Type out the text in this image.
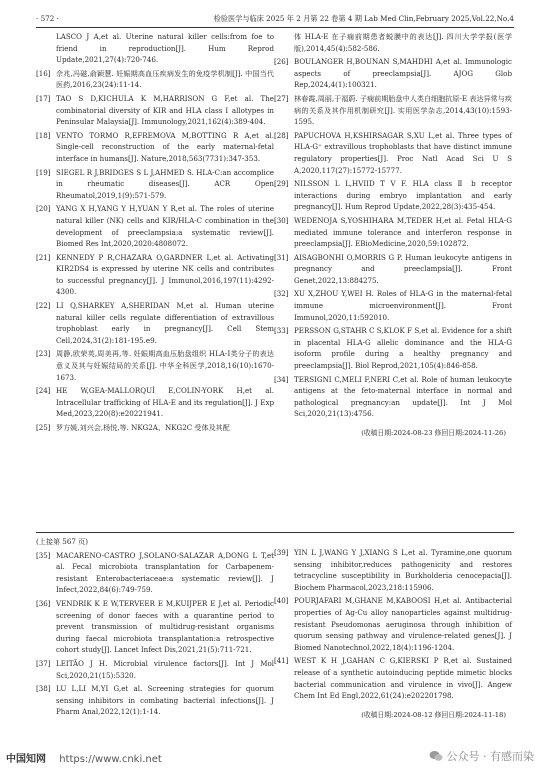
· 572 ·	检验医学与临床 2025 年 2 月第 22 卷第 4 期 Lab Med Clin,February 2025,Vol.22,No.4

LASCO J A,et al. Uterine natural killer cells:from foe to friend in reproduction[J]. Hum Reprod Update,2021,27(4):720-746.

[16] 佘兆,冯磁,俞颖慧. 妊娠期高血压疾病发生的免疫学机制[J]. 中国当代医药,2016,23(24):11-14.

[17] TAO S D,KICHULA K M,HARRISON G F,et al. The combinatorial diversity of KIR and HLA class Ⅰ allotypes in Peninsular Malaysia[J]. Immunology,2021,162(4):389-404.

[18] VENTO TORMO R,EFREMOVA M,BOTTING R A,et al. Single-cell reconstruction of the early maternal-fetal interface in humans[J]. Nature,2018,563(7731):347-353.

[19] SIEGEL R J,BRIDGES S L J,AHMED S. HLA-C:an accomplice in rheumatic diseases[J]. ACR Open Rheumatol,2019,1(9):571-579.

[20] YANG X H,YANG Y H,YUAN Y R,et al. The roles of uterine natural killer (NK) cells and KIR/HLA-C combination in the development of preeclampsia:a systematic review[J]. Biomed Res Int,2020,2020:4808072.

[21] KENNEDY P R,CHAZARA O,GARDNER L,et al. Activating KIR2DS4 is expressed by uterine NK cells and contributes to successful pregnancy[J]. J Immunol,2016,197(11):4292-4300.

[22] LI Q,SHARKEY A,SHERIDAN M,et al. Human uterine natural killer cells regulate differentiation of extravillous trophoblast early in pregnancy[J]. Cell Stem Cell,2024,31(2):181-195.e9.

[23] 周静,欧荣英,周美再,等. 妊娠期高血压胎盘组织 HLA-Ⅰ类分子的表达意义及其与妊娠结局的关系[J]. 中华全科医学,2018,16(10):1670-1673.

[24] HE W,GEA-MALLORQUÍ E,COLIN-YORK H,et al. Intracellular trafficking of HLA-E and its regulation[J]. J Exp Med,2023,220(8):e20221941.

[25] 罗方媛,刘兴会,杨悦,等. NKG2A、NKG2C 受体及其配

体 HLA-E 在子痫前期患者蜕膜中的表达[J]. 四川大学学报(医学版),2014,45(4):582-586.

[26] BOULANGER H,BOUNAN S,MAHDHI A,et al. Immunologic aspects of preeclampsia[J]. AJOG Glob Rep,2024,4(1):100321.

[27] 林春霞,周丽,于福蔚. 子痫前期胎盘中人类白细胞抗原-E 表达异常与疾病的关系及其作用机制研究[J]. 实用医学杂志,2014,43(10):1593-1595.

[28] PAPUCHOVA H,KSHIRSAGAR S,XU L,et al. Three types of HLA-G⁺ extravillous trophoblasts that have distinct immune regulatory properties[J]. Proc Natl Acad Sci U S A,2020,117(27):15772-15777.

[29] NILSSON L L,HVIID T V F. HLA class Ⅱ b receptor interactions during embryo implantation and early pregnancy[J]. Hum Reprod Update,2022,28(3):435-454.

[30] WEDENOJA S,YOSHIHARA M,TEDER H,et al. Fetal HLA-G mediated immune tolerance and interferon response in preeclampsia[J]. EBioMedicine,2020,59:102872.

[31] AISAGBONHI O,MORRIS G P. Human leukocyte antigens in pregnancy and preeclampsia[J]. Front Genet,2022,13:884275.

[32] XU X,ZHOU Y,WEI H. Roles of HLA-G in the maternal-fetal immune microenvironment[J]. Front Immunol,2020,11:592010.

[33] PERSSON G,STAHR C S,KLOK F S,et al. Evidence for a shift in placental HLA-G allelic dominance and the HLA-G isoform profile during a healthy pregnancy and preeclampsia[J]. Biol Reprod,2021,105(4):846-858.

[34] TERSIGNI C,MELI F,NERI C,et al. Role of human leukocyte antigens at the feto-maternal interface in normal and pathological pregnancy:an update[J]. Int J Mol Sci,2020,21(13):4756.

(收稿日期:2024-08-23 修回日期:2024-11-26)
(上接第 567 页)

[35] MACARENO-CASTRO J,SOLANO-SALAZAR A,DONG L T,et al. Fecal microbiota transplantation for Carbapenem-resistant Enterobacteriaceae:a systematic review[J]. J Infect,2022,84(6):749-759.

[36] VENDRIK K E W,TERVEER E M,KUIJPER E J,et al. Periodic screening of donor faeces with a quarantine period to prevent transmission of multidrug-resistant organisms during faecal microbiota transplantation:a retrospective cohort study[J]. Lancet Infect Dis,2021,21(5):711-721.

[37] LEITÃO J H. Microbial virulence factors[J]. Int J Mol Sci,2020,21(15):5320.

[38] LU L,LI M,YI G,et al. Screening strategies for quorum sensing inhibitors in combating bacterial infections[J]. J Pharm Anal,2022,12(1):1-14.

[39] YIN L J,WANG Y J,XIANG S L,et al. Tyramine,one quorum sensing inhibitor,reduces pathogenicity and restores tetracycline susceptibility in Burkholderia cenocepacia[J]. Biochem Pharmacol,2023,218:115906.

[40] POURJAFARI M,GHANE M,KABOOSI H,et al. Antibacterial properties of Ag-Cu alloy nanoparticles against multidrug-resistant Pseudomonas aeruginosa through inhibition of quorum sensing pathway and virulence-related genes[J]. J Biomed Nanotechnol,2022,18(4):1196-1204.

[41] WEST K H J,GAHAN C G,KIERSKI P R,et al. Sustained release of a synthetic autoinducing peptide mimetic blocks bacterial communication and virulence in vivo[J]. Angew Chem Int Ed Engl,2022,61(24):e202201798.

(收稿日期:2024-08-12 修回日期:2024-11-18)
中国知网 https://www.cnki.net	公众号 · 有感而染
